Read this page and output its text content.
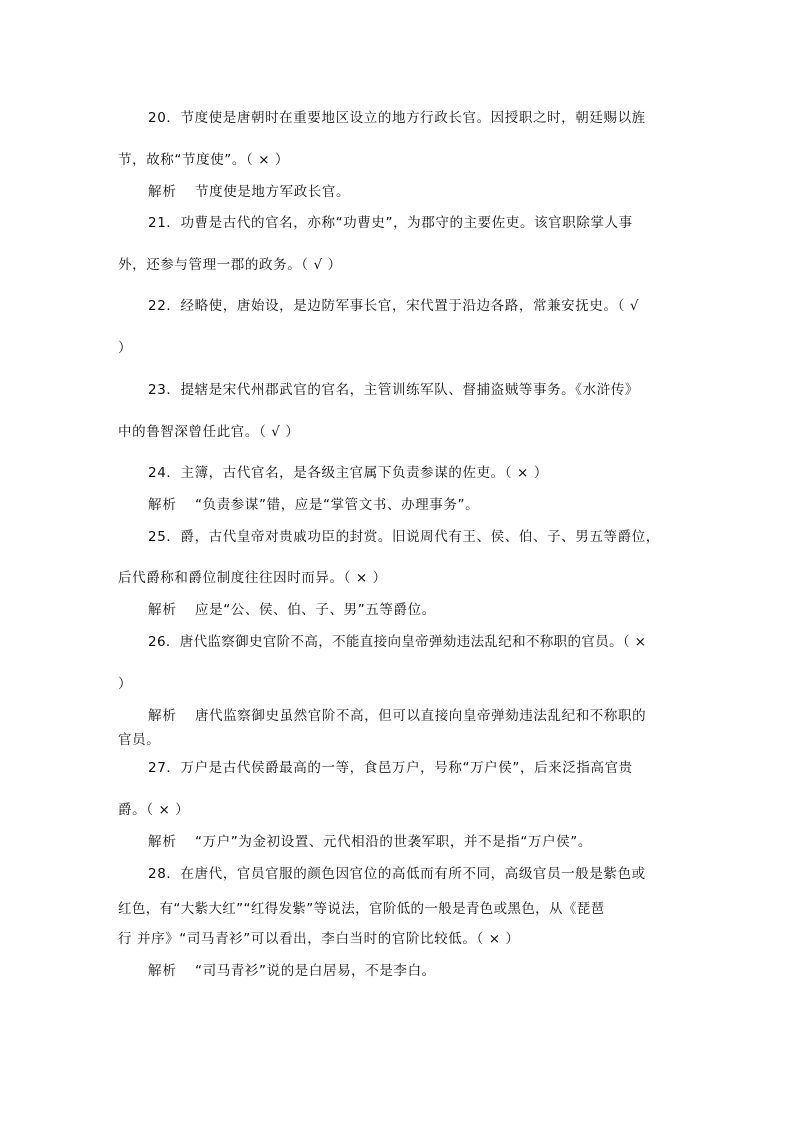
20．节度使是唐朝时在重要地区设立的地方行政长官。因授职之时，朝廷赐以旌
节，故称“节度使”。（ × ）
解析 节度使是地方军政长官。
21．功曹是古代的官名，亦称“功曹史”，为郡守的主要佐吏。该官职除掌人事
外，还参与管理一郡的政务。（ √ ）
22．经略使，唐始设，是边防军事长官，宋代置于沿边各路，常兼安抚史。（ √
）
23．提辖是宋代州郡武官的官名，主管训练军队、督捕盗贼等事务。《水浒传》
中的鲁智深曾任此官。（ √ ）
24．主簿，古代官名，是各级主官属下负责参谋的佐吏。（ × ）
解析 “负责参谋”错，应是“掌管文书、办理事务”。
25．爵，古代皇帝对贵戚功臣的封赏。旧说周代有王、侯、伯、子、男五等爵位，
后代爵称和爵位制度往往因时而异。（ × ）
解析 应是“公、侯、伯、子、男”五等爵位。
26．唐代监察御史官阶不高，不能直接向皇帝弹劾违法乱纪和不称职的官员。（ ×
）
解析 唐代监察御史虽然官阶不高，但可以直接向皇帝弹劾违法乱纪和不称职的
官员。
27．万户是古代侯爵最高的一等，食邑万户，号称“万户侯”，后来泛指高官贵
爵。（ × ）
解析 “万户”为金初设置、元代相沿的世袭军职，并不是指“万户侯”。
28．在唐代，官员官服的颜色因官位的高低而有所不同，高级官员一般是紫色或
红色，有“大紫大红”“红得发紫”等说法，官阶低的一般是青色或黑色，从《琵琶
行 并序》“司马青衫”可以看出，李白当时的官阶比较低。（ × ）
解析 “司马青衫”说的是白居易，不是李白。
